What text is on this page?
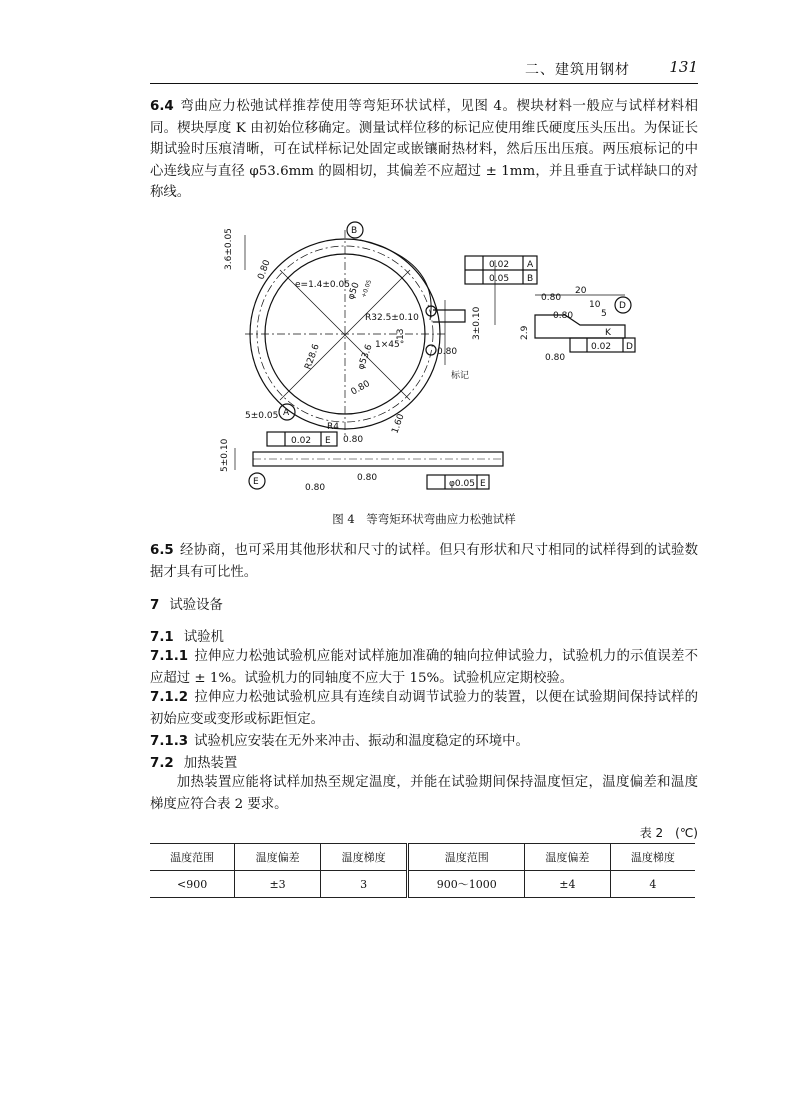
二、建筑用钢材	131

6.4 弯曲应力松弛试样推荐使用等弯矩环状试样，见图 4。楔块材料一般应与试样材料相同。楔块厚度 K 由初始位移确定。测量试样位移的标记应使用维氏硬度压头压出。为保证长期试验时压痕清晰，可在试样标记处固定或嵌镶耐热材料，然后压出压痕。两压痕标记的中心连线应与直径 φ53.6mm 的圆相切，其偏差不应超过 ± 1mm，并且垂直于试样缺口的对称线。

3.6±0.05 0.80
e=1.4±0.05
φ50
+0.05
R32.5±0.10
13
1×45°
φ53.6
R28.6
0.80
5±0.05
R4
0.80
0.80
3±0.10
标记
1.60
0.02 A
0.05 B
20
10
5
2.9	K
0.80
0.80
0.80
0.02 D
5±0.10	0.02 E
0.80
0.80
φ0.05 E
B
A
D
E
图 4　等弯矩环状弯曲应力松弛试样

6.5 经协商，也可采用其他形状和尺寸的试样。但只有形状和尺寸相同的试样得到的试验数据才具有可比性。

7 试验设备
7.1 试验机

7.1.1 拉伸应力松弛试验机应能对试样施加准确的轴向拉伸试验力，试验机力的示值误差不应超过 ± 1%。试验机力的同轴度不应大于 15%。试验机应定期校验。

7.1.2 拉伸应力松弛试验机应具有连续自动调节试验力的装置，以便在试验期间保持试样的初始应变或变形或标距恒定。

7.1.3 试验机应安装在无外来冲击、振动和温度稳定的环境中。

7.2 加热装置

加热装置应能将试样加热至规定温度，并能在试验期间保持温度恒定，温度偏差和温度梯度应符合表 2 要求。

表 2　(℃)
温度范围	温度偏差	温度梯度	温度范围	温度偏差	温度梯度
<900	±3	3	900～1000	±4	4
